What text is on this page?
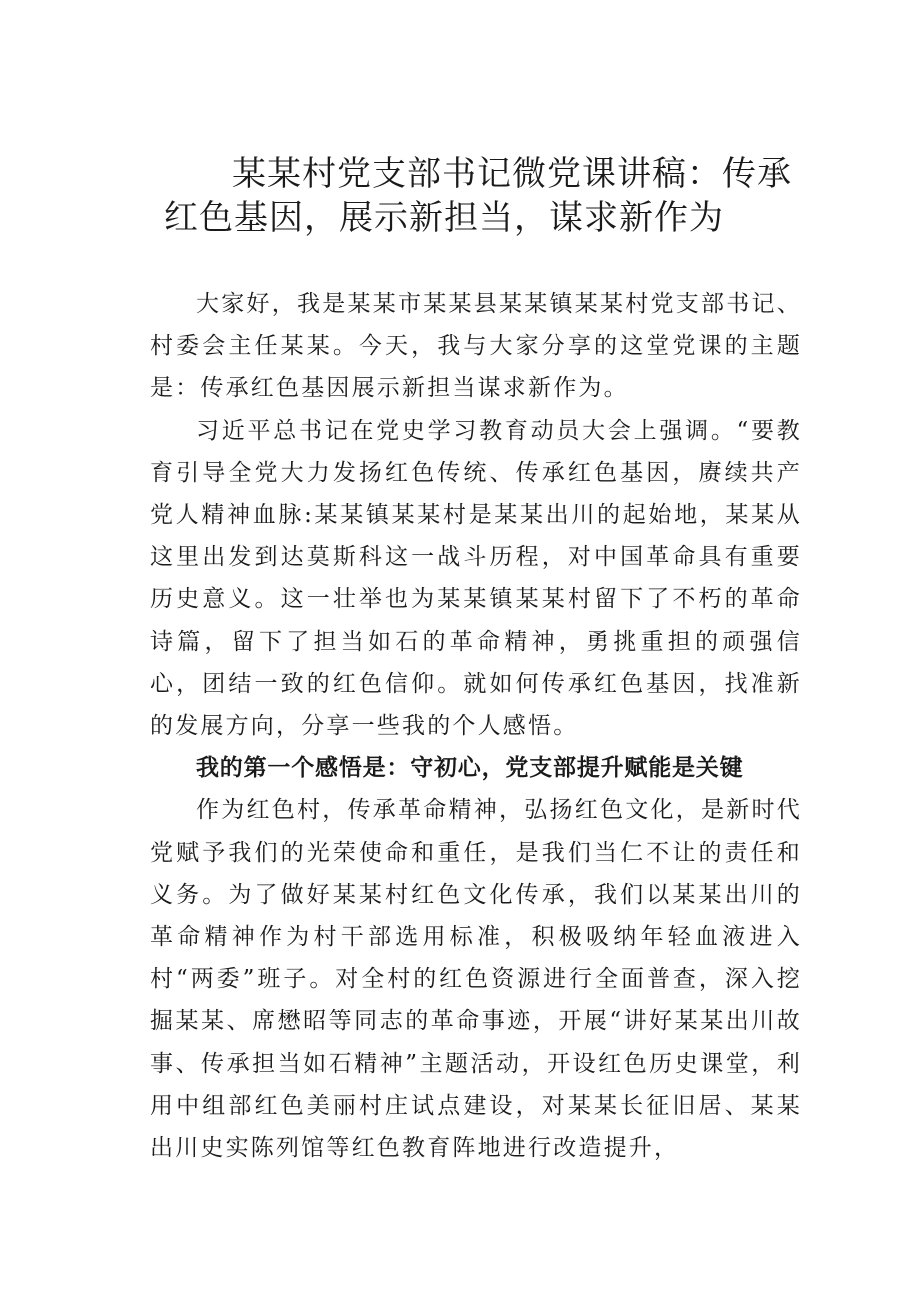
某某村党支部书记微党课讲稿：传承红色基因，展示新担当，谋求新作为

大家好，我是某某市某某县某某镇某某村党支部书记、村委会主任某某。今天，我与大家分享的这堂党课的主题是：传承红色基因展示新担当谋求新作为。

习近平总书记在党史学习教育动员大会上强调。“要教育引导全党大力发扬红色传统、传承红色基因，赓续共产党人精神血脉:某某镇某某村是某某出川的起始地，某某从这里出发到达莫斯科这一战斗历程，对中国革命具有重要历史意义。这一壮举也为某某镇某某村留下了不朽的革命诗篇，留下了担当如石的革命精神，勇挑重担的顽强信心，团结一致的红色信仰。就如何传承红色基因，找准新的发展方向，分享一些我的个人感悟。

我的第一个感悟是：守初心，党支部提升赋能是关键

作为红色村，传承革命精神，弘扬红色文化，是新时代党赋予我们的光荣使命和重任，是我们当仁不让的责任和义务。为了做好某某村红色文化传承，我们以某某出川的革命精神作为村干部选用标准，积极吸纳年轻血液进入村“两委”班子。对全村的红色资源进行全面普查，深入挖掘某某、席懋昭等同志的革命事迹，开展“讲好某某出川故事、传承担当如石精神”主题活动，开设红色历史课堂，利用中组部红色美丽村庄试点建设，对某某长征旧居、某某出川史实陈列馆等红色教育阵地进行改造提升，
